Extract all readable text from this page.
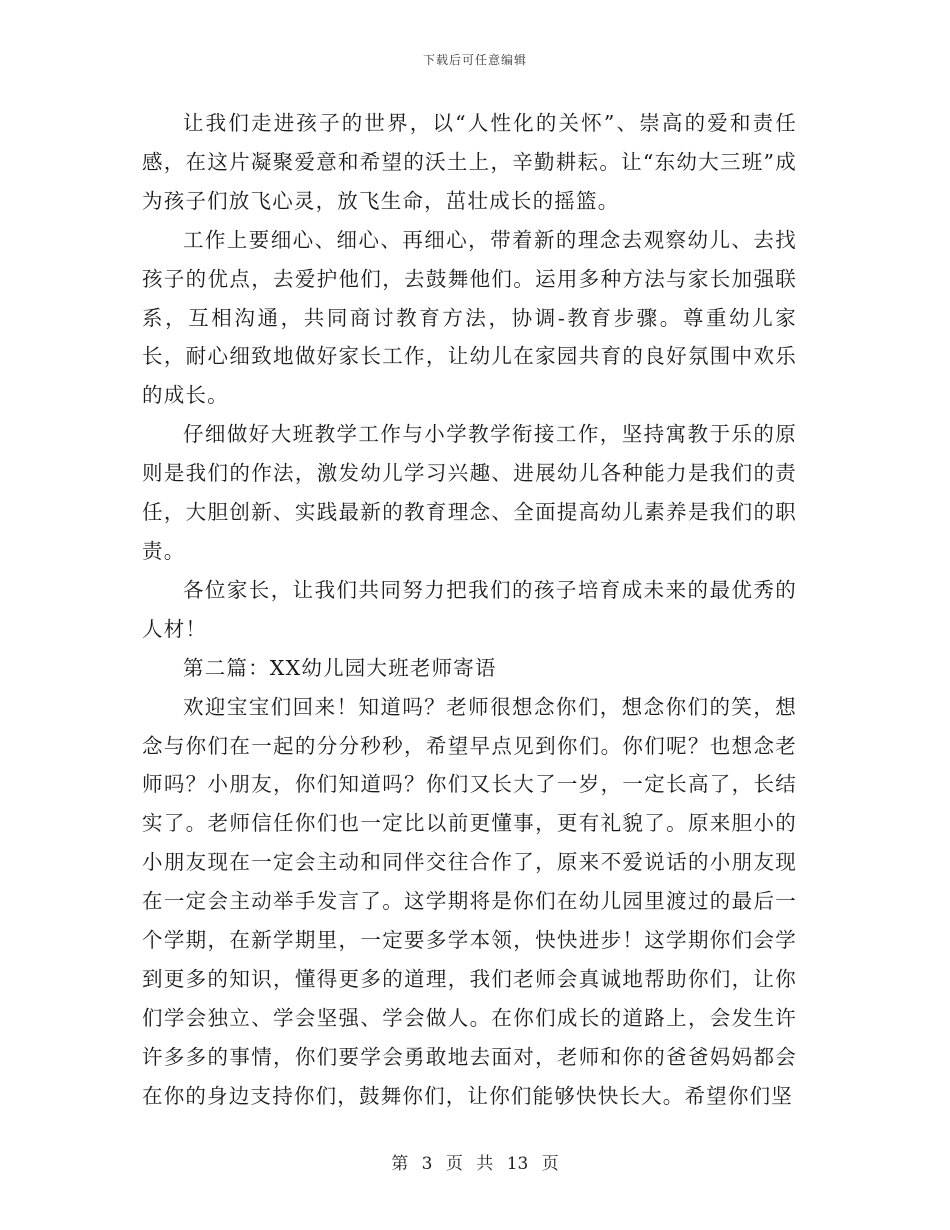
下载后可任意编辑

让我们走进孩子的世界，以“人性化的关怀”、崇高的爱和责任感，在这片凝聚爱意和希望的沃土上，辛勤耕耘。让“东幼大三班”成为孩子们放飞心灵，放飞生命，茁壮成长的摇篮。

工作上要细心、细心、再细心，带着新的理念去观察幼儿、去找孩子的优点，去爱护他们，去鼓舞他们。运用多种方法与家长加强联系，互相沟通，共同商讨教育方法，协调-教育步骤。尊重幼儿家长，耐心细致地做好家长工作，让幼儿在家园共育的良好氛围中欢乐的成长。

仔细做好大班教学工作与小学教学衔接工作，坚持寓教于乐的原则是我们的作法，激发幼儿学习兴趣、进展幼儿各种能力是我们的责任，大胆创新、实践最新的教育理念、全面提高幼儿素养是我们的职责。

各位家长，让我们共同努力把我们的孩子培育成未来的最优秀的人材！

第二篇：XX幼儿园大班老师寄语

欢迎宝宝们回来！知道吗？老师很想念你们，想念你们的笑，想念与你们在一起的分分秒秒，希望早点见到你们。你们呢？也想念老师吗？小朋友，你们知道吗？你们又长大了一岁，一定长高了，长结实了。老师信任你们也一定比以前更懂事，更有礼貌了。原来胆小的小朋友现在一定会主动和同伴交往合作了，原来不爱说话的小朋友现在一定会主动举手发言了。这学期将是你们在幼儿园里渡过的最后一个学期，在新学期里，一定要多学本领，快快进步！这学期你们会学到更多的知识，懂得更多的道理，我们老师会真诚地帮助你们，让你们学会独立、学会坚强、学会做人。在你们成长的道路上，会发生许许多多的事情，你们要学会勇敢地去面对，老师和你的爸爸妈妈都会在你的身边支持你们，鼓舞你们，让你们能够快快长大。希望你们坚

第 3 页 共 13 页
